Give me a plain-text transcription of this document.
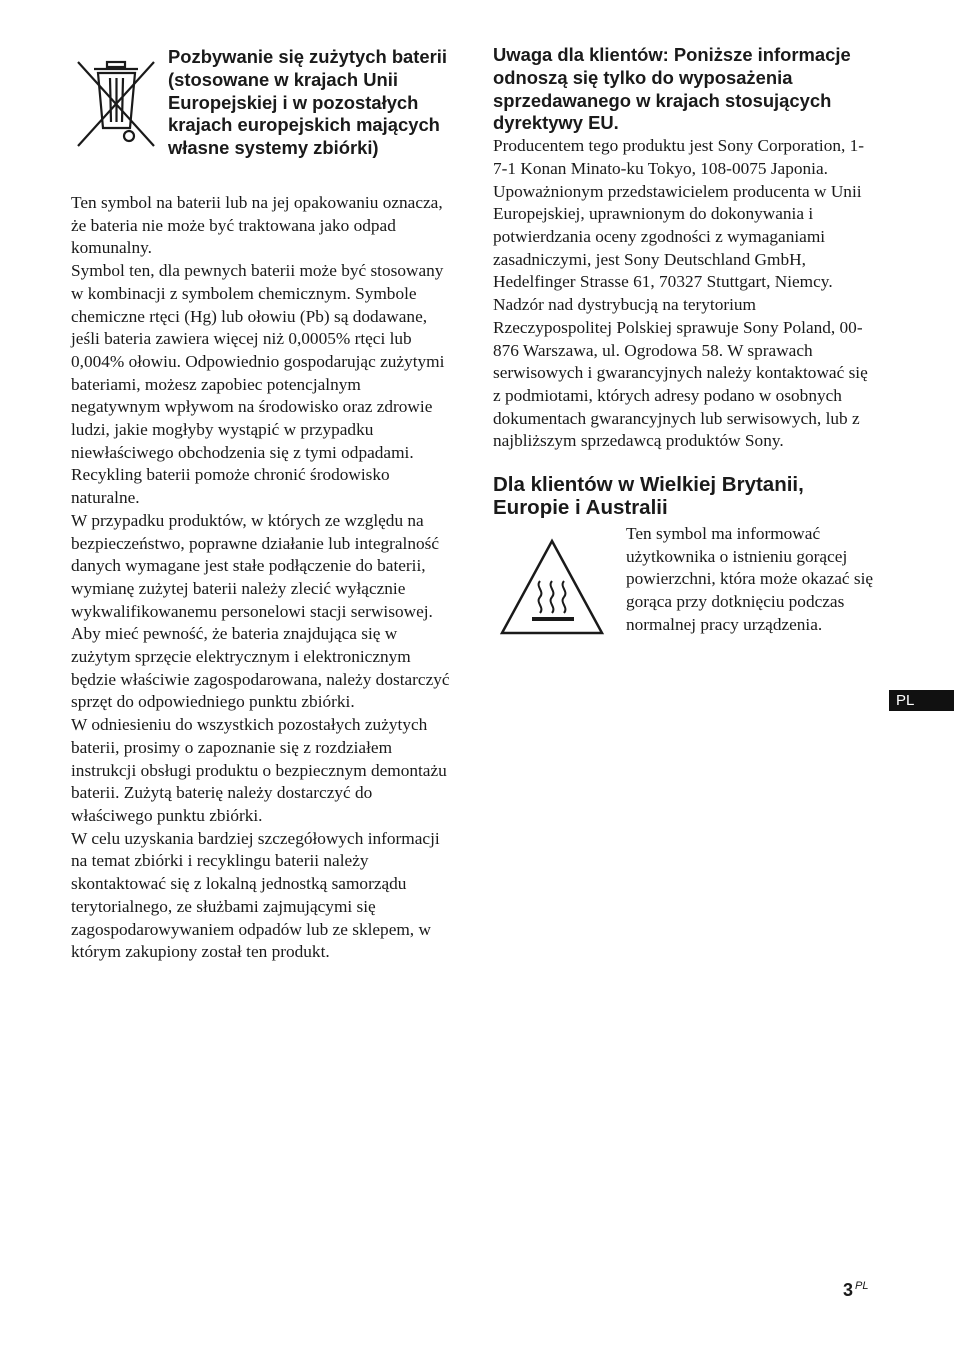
Pozbywanie się zużytych baterii (stosowane w krajach Unii Europejskiej i w pozostałych krajach europejskich mających własne systemy zbiórki)

Ten symbol na baterii lub na jej opakowaniu oznacza, że bateria nie może być traktowana jako odpad komunalny.

Symbol ten, dla pewnych baterii może być stosowany w kombinacji z symbolem chemicznym. Symbole chemiczne rtęci (Hg) lub ołowiu (Pb) są dodawane, jeśli bateria zawiera więcej niż 0,0005% rtęci lub 0,004% ołowiu. Odpowiednio gospodarując zużytymi bateriami, możesz zapobiec potencjalnym negatywnym wpływom na środowisko oraz zdrowie ludzi, jakie mogłyby wystąpić w przypadku niewłaściwego obchodzenia się z tymi odpadami. Recykling baterii pomoże chronić środowisko naturalne.

W przypadku produktów, w których ze względu na bezpieczeństwo, poprawne działanie lub integralność danych wymagane jest stałe podłączenie do baterii, wymianę zużytej baterii należy zlecić wyłącznie wykwalifikowanemu personelowi stacji serwisowej.

Aby mieć pewność, że bateria znajdująca się w zużytym sprzęcie elektrycznym i elektronicznym będzie właściwie zagospodarowana, należy dostarczyć sprzęt do odpowiedniego punktu zbiórki.

W odniesieniu do wszystkich pozostałych zużytych baterii, prosimy o zapoznanie się z rozdziałem instrukcji obsługi produktu o bezpiecznym demontażu baterii. Zużytą baterię należy dostarczyć do właściwego punktu zbiórki.

W celu uzyskania bardziej szczegółowych informacji na temat zbiórki i recyklingu baterii należy skontaktować się z lokalną jednostką samorządu terytorialnego, ze służbami zajmującymi się zagospodarowywaniem odpadów lub ze sklepem, w którym zakupiony został ten produkt.

Uwaga dla klientów: Poniższe informacje odnoszą się tylko do wyposażenia sprzedawanego w krajach stosujących dyrektywy EU.

Producentem tego produktu jest Sony Corporation, 1-7-1 Konan Minato-ku Tokyo, 108-0075 Japonia. Upoważnionym przedstawicielem producenta w Unii Europejskiej, uprawnionym do dokonywania i potwierdzania oceny zgodności z wymaganiami zasadniczymi, jest Sony Deutschland GmbH, Hedelfinger Strasse 61, 70327 Stuttgart, Niemcy. Nadzór nad dystrybucją na terytorium Rzeczypospolitej Polskiej sprawuje Sony Poland, 00-876 Warszawa, ul. Ogrodowa 58. W sprawach serwisowych i gwarancyjnych należy kontaktować się z podmiotami, których adresy podano w osobnych dokumentach gwarancyjnych lub serwisowych, lub z najbliższym sprzedawcą produktów Sony.

Dla klientów w Wielkiej Brytanii, Europie i Australii

Ten symbol ma informować użytkownika o istnieniu gorącej powierzchni, która może okazać się gorąca przy dotknięciu podczas normalnej pracy urządzenia.

PL
3 $^{PL}$
